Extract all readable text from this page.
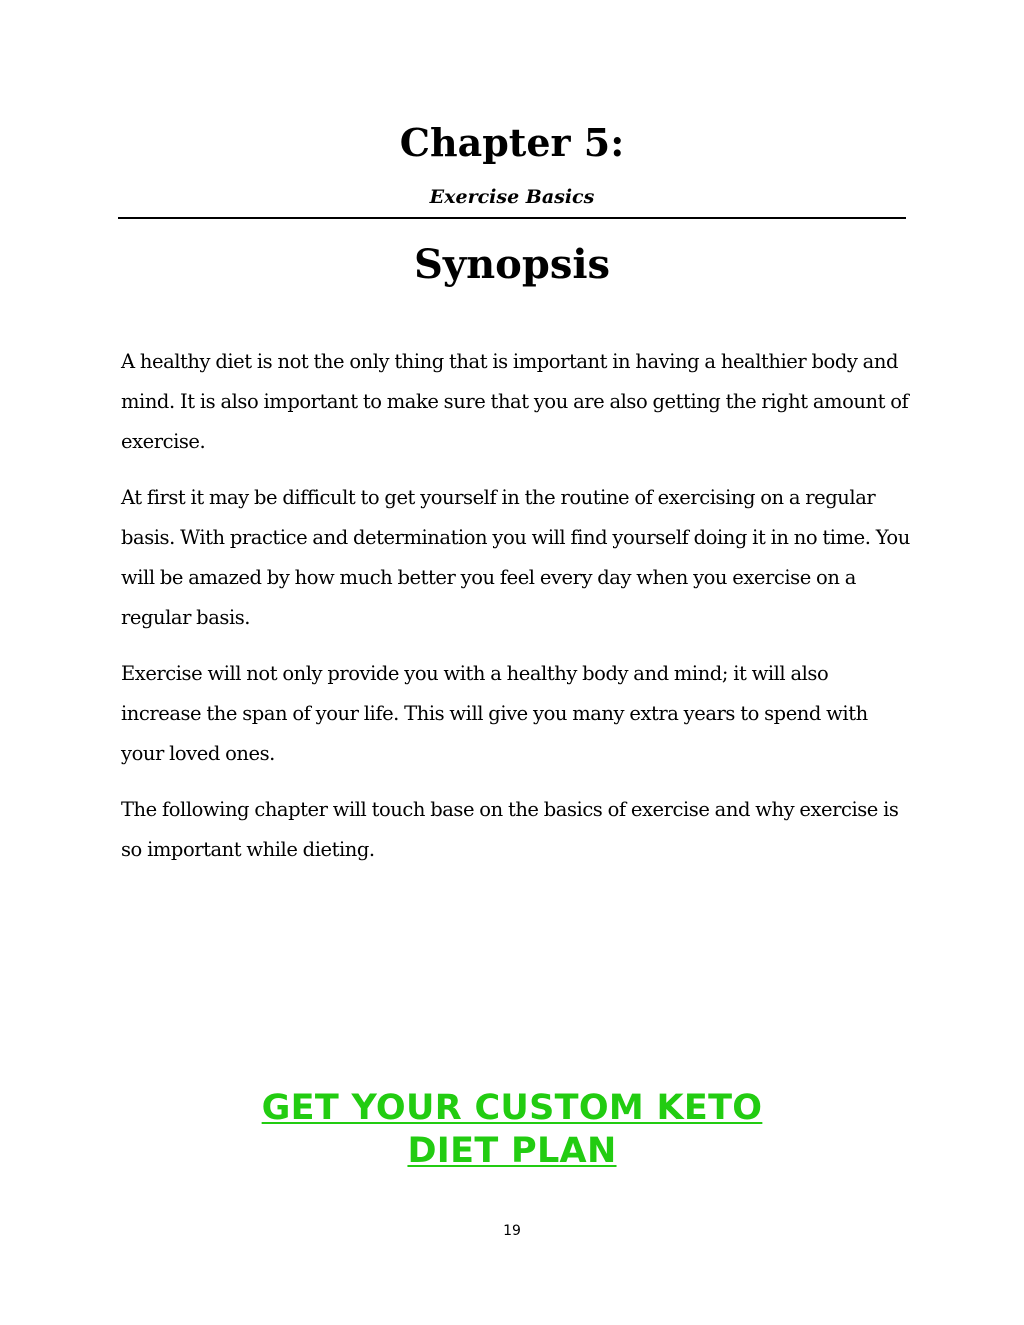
Chapter 5:
Exercise Basics
Synopsis

A healthy diet is not the only thing that is important in having a healthier body and mind. It is also important to make sure that you are also getting the right amount of exercise.

At first it may be difficult to get yourself in the routine of exercising on a regular basis. With practice and determination you will find yourself doing it in no time. You will be amazed by how much better you feel every day when you exercise on a regular basis.

Exercise will not only provide you with a healthy body and mind; it will also increase the span of your life. This will give you many extra years to spend with your loved ones.

The following chapter will touch base on the basics of exercise and why exercise is so important while dieting.

GET YOUR CUSTOM KETO
DIET PLAN
19
